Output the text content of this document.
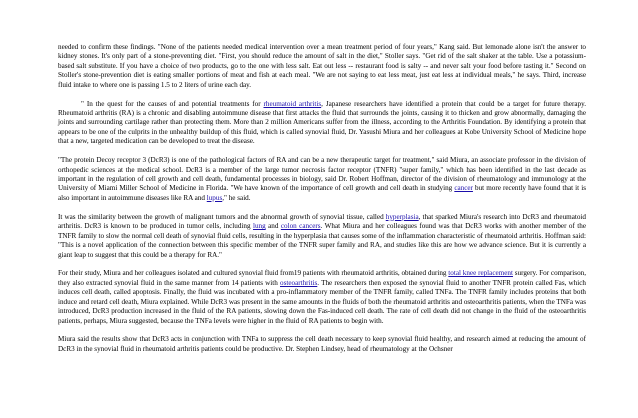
needed to confirm these findings. "None of the patients needed medical intervention over a mean treatment period of four years," Kang said. But lemonade alone isn't the answer to kidney stones. It's only part of a stone-preventing diet. "First, you should reduce the amount of salt in the diet," Stoller says. "Get rid of the salt shaker at the table. Use a potassium-based salt substitute. If you have a choice of two products, go to the one with less salt. Eat out less -- restaurant food is salty -- and never salt your food before tasting it." Second on Stoller's stone-prevention diet is eating smaller portions of meat and fish at each meal. "We are not saying to eat less meat, just eat less at individual meals," he says. Third, increase fluid intake to where one is passing 1.5 to 2 liters of urine each day.

" In the quest for the causes of and potential treatments for rheumatoid arthritis, Japanese researchers have identified a protein that could be a target for future therapy. Rheumatoid arthritis (RA) is a chronic and disabling autoimmune disease that first attacks the fluid that surrounds the joints, causing it to thicken and grow abnormally, damaging the joints and surrounding cartilage rather than protecting them. More than 2 million Americans suffer from the illness, according to the Arthritis Foundation. By identifying a protein that appears to be one of the culprits in the unhealthy buildup of this fluid, which is called synovial fluid, Dr. Yasushi Miura and her colleagues at Kobe University School of Medicine hope that a new, targeted medication can be developed to treat the disease.

"The protein Decoy receptor 3 (DcR3) is one of the pathological factors of RA and can be a new therapeutic target for treatment," said Miura, an associate professor in the division of orthopedic sciences at the medical school. DcR3 is a member of the large tumor necrosis factor receptor (TNFR) "super family," which has been identified in the last decade as important in the regulation of cell growth and cell death, fundamental processes in biology, said Dr. Robert Hoffman, director of the division of rheumatology and immunology at the University of Miami Miller School of Medicine in Florida. "We have known of the importance of cell growth and cell death in studying cancer but more recently have found that it is also important in autoimmune diseases like RA and lupus," he said.

It was the similarity between the growth of malignant tumors and the abnormal growth of synovial tissue, called hyperplasia, that sparked Miura's research into DcR3 and rheumatoid arthritis. DcR3 is known to be produced in tumor cells, including lung and colon cancers. What Miura and her colleagues found was that DcR3 works with another member of the TNFR family to slow the normal cell death of synovial fluid cells, resulting in the hyperplasia that causes some of the inflammation characteristic of rheumatoid arthritis. Hoffman said: "This is a novel application of the connection between this specific member of the TNFR super family and RA, and studies like this are how we advance science. But it is currently a giant leap to suggest that this could be a therapy for RA."

For their study, Miura and her colleagues isolated and cultured synovial fluid from19 patients with rheumatoid arthritis, obtained during total knee replacement surgery. For comparison, they also extracted synovial fluid in the same manner from 14 patients with osteoarthritis. The researchers then exposed the synovial fluid to another TNFR protein called Fas, which induces cell death, called apoptosis. Finally, the fluid was incubated with a pro-inflammatory member of the TNFR family, called TNFa. The TNFR family includes proteins that both induce and retard cell death, Miura explained. While DcR3 was present in the same amounts in the fluids of both the rheumatoid arthritis and osteoarthritis patients, when the TNFa was introduced, DcR3 production increased in the fluid of the RA patients, slowing down the Fas-induced cell death. The rate of cell death did not change in the fluid of the osteoarthritis patients, perhaps, Miura suggested, because the TNFa levels were higher in the fluid of RA patients to begin with.

Miura said the results show that DcR3 acts in conjunction with TNFa to suppress the cell death necessary to keep synovial fluid healthy, and research aimed at reducing the amount of DcR3 in the synovial fluid in rheumatoid arthritis patients could be productive. Dr. Stephen Lindsey, head of rheumatology at the Ochsner
